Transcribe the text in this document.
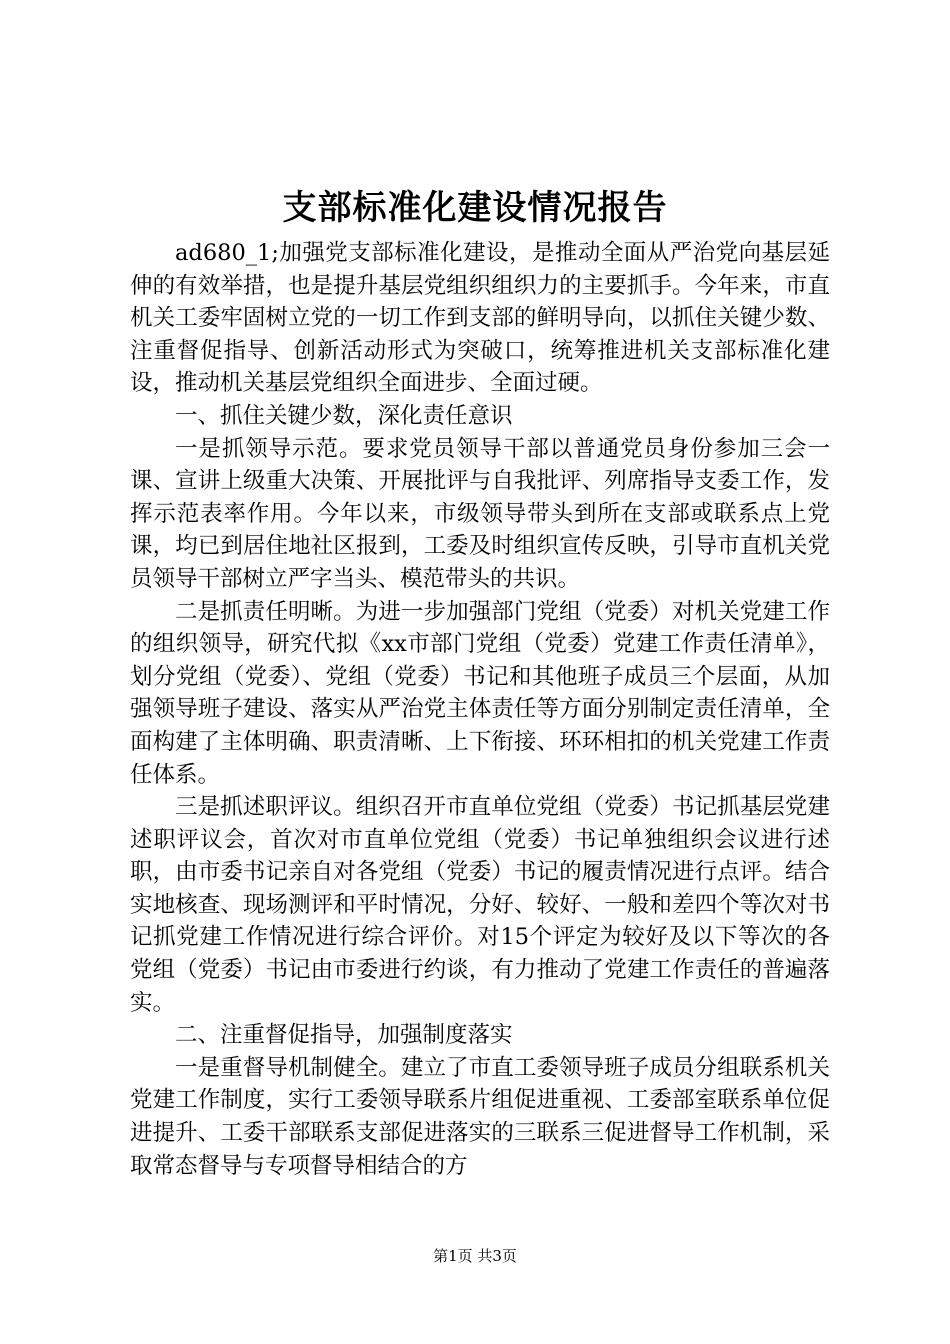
支部标准化建设情况报告

ad680_1;加强党支部标准化建设，是推动全面从严治党向基层延伸的有效举措，也是提升基层党组织组织力的主要抓手。今年来，市直机关工委牢固树立党的一切工作到支部的鲜明导向，以抓住关键少数、注重督促指导、创新活动形式为突破口，统筹推进机关支部标准化建设，推动机关基层党组织全面进步、全面过硬。

一、抓住关键少数，深化责任意识

一是抓领导示范。要求党员领导干部以普通党员身份参加三会一课、宣讲上级重大决策、开展批评与自我批评、列席指导支委工作，发挥示范表率作用。今年以来，市级领导带头到所在支部或联系点上党课，均已到居住地社区报到，工委及时组织宣传反映，引导市直机关党员领导干部树立严字当头、模范带头的共识。

二是抓责任明晰。为进一步加强部门党组（党委）对机关党建工作的组织领导，研究代拟《xx市部门党组（党委）党建工作责任清单》，划分党组（党委）、党组（党委）书记和其他班子成员三个层面，从加强领导班子建设、落实从严治党主体责任等方面分别制定责任清单，全面构建了主体明确、职责清晰、上下衔接、环环相扣的机关党建工作责任体系。

三是抓述职评议。组织召开市直单位党组（党委）书记抓基层党建述职评议会，首次对市直单位党组（党委）书记单独组织会议进行述职，由市委书记亲自对各党组（党委）书记的履责情况进行点评。结合实地核查、现场测评和平时情况，分好、较好、一般和差四个等次对书记抓党建工作情况进行综合评价。对15个评定为较好及以下等次的各党组（党委）书记由市委进行约谈，有力推动了党建工作责任的普遍落实。

二、注重督促指导，加强制度落实

一是重督导机制健全。建立了市直工委领导班子成员分组联系机关党建工作制度，实行工委领导联系片组促进重视、工委部室联系单位促进提升、工委干部联系支部促进落实的三联系三促进督导工作机制，采取常态督导与专项督导相结合的方

第1页 共3页
